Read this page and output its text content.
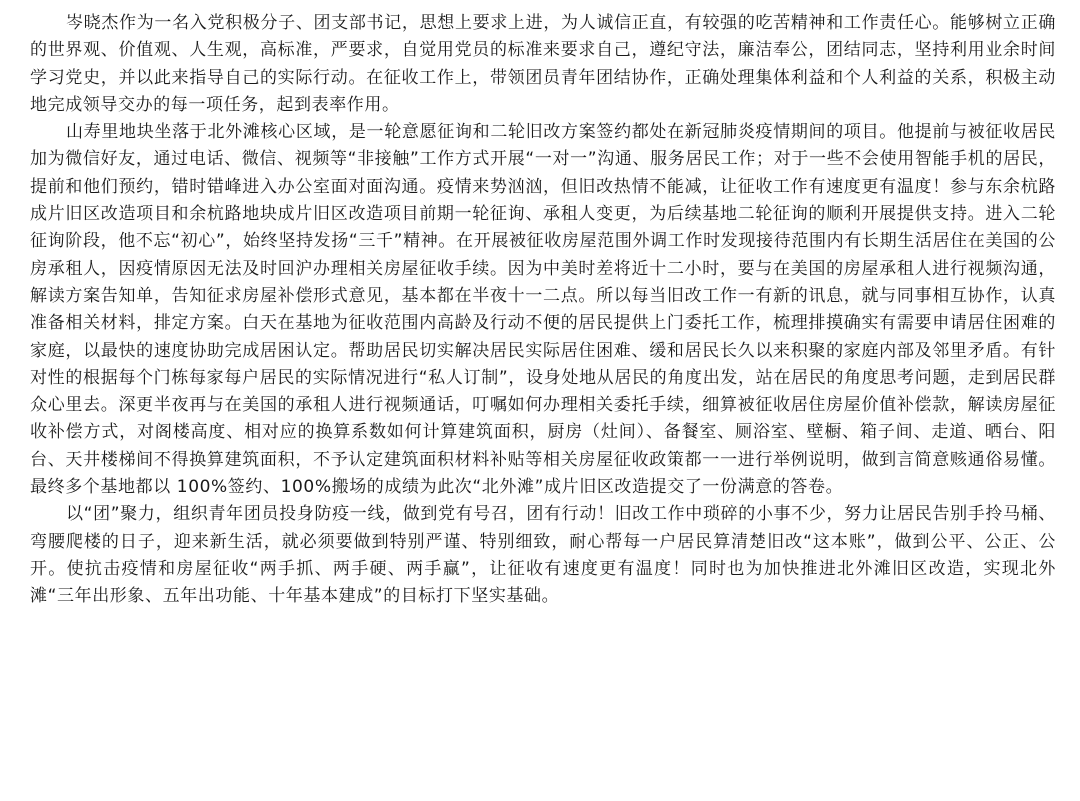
岑晓杰作为一名入党积极分子、团支部书记，思想上要求上进，为人诚信正直，有较强的吃苦精神和工作责任心。能够树立正确的世界观、价值观、人生观，高标准，严要求，自觉用党员的标准来要求自己，遵纪守法，廉洁奉公，团结同志，坚持利用业余时间学习党史，并以此来指导自己的实际行动。在征收工作上，带领团员青年团结协作，正确处理集体利益和个人利益的关系，积极主动地完成领导交办的每一项任务，起到表率作用。

山寿里地块坐落于北外滩核心区域，是一轮意愿征询和二轮旧改方案签约都处在新冠肺炎疫情期间的项目。他提前与被征收居民加为微信好友，通过电话、微信、视频等“非接触”工作方式开展“一对一”沟通、服务居民工作；对于一些不会使用智能手机的居民，提前和他们预约，错时错峰进入办公室面对面沟通。疫情来势汹汹，但旧改热情不能减，让征收工作有速度更有温度！参与东余杭路成片旧区改造项目和余杭路地块成片旧区改造项目前期一轮征询、承租人变更，为后续基地二轮征询的顺利开展提供支持。进入二轮征询阶段，他不忘“初心”，始终坚持发扬“三千”精神。在开展被征收房屋范围外调工作时发现接待范围内有长期生活居住在美国的公房承租人，因疫情原因无法及时回沪办理相关房屋征收手续。因为中美时差将近十二小时，要与在美国的房屋承租人进行视频沟通，解读方案告知单，告知征求房屋补偿形式意见，基本都在半夜十一二点。所以每当旧改工作一有新的讯息，就与同事相互协作，认真准备相关材料，排定方案。白天在基地为征收范围内高龄及行动不便的居民提供上门委托工作，梳理排摸确实有需要申请居住困难的家庭，以最快的速度协助完成居困认定。帮助居民切实解决居民实际居住困难、缓和居民长久以来积聚的家庭内部及邻里矛盾。有针对性的根据每个门栋每家每户居民的实际情况进行“私人订制”，设身处地从居民的角度出发，站在居民的角度思考问题，走到居民群众心里去。深更半夜再与在美国的承租人进行视频通话，叮嘱如何办理相关委托手续，细算被征收居住房屋价值补偿款，解读房屋征收补偿方式，对阁楼高度、相对应的换算系数如何计算建筑面积，厨房（灶间）、备餐室、厕浴室、壁橱、箱子间、走道、晒台、阳台、天井楼梯间不得换算建筑面积，不予认定建筑面积材料补贴等相关房屋征收政策都一一进行举例说明，做到言简意赅通俗易懂。最终多个基地都以 100%签约、100%搬场的成绩为此次“北外滩”成片旧区改造提交了一份满意的答卷。

以“团”聚力，组织青年团员投身防疫一线，做到党有号召，团有行动！旧改工作中琐碎的小事不少，努力让居民告别手拎马桶、弯腰爬楼的日子，迎来新生活，就必须要做到特别严谨、特别细致，耐心帮每一户居民算清楚旧改“这本账”，做到公平、公正、公开。使抗击疫情和房屋征收“两手抓、两手硬、两手赢”，让征收有速度更有温度！同时也为加快推进北外滩旧区改造，实现北外滩“三年出形象、五年出功能、十年基本建成”的目标打下坚实基础。
